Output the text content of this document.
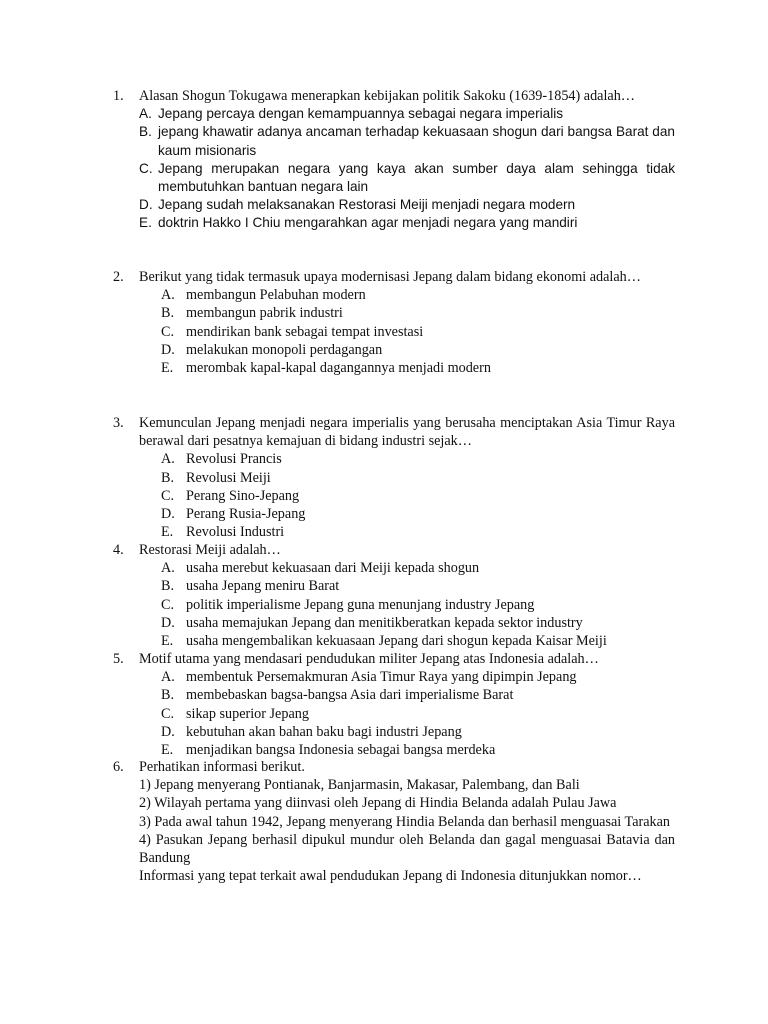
1.	Alasan Shogun Tokugawa menerapkan kebijakan politik Sakoku (1639-1854) adalah…
A. Jepang percaya dengan kemampuannya sebagai negara imperialis
B. jepang khawatir adanya ancaman terhadap kekuasaan shogun dari bangsa Barat dan kaum misionaris
C. Jepang merupakan negara yang kaya akan sumber daya alam sehingga tidak membutuhkan bantuan negara lain
D. Jepang sudah melaksanakan Restorasi Meiji menjadi negara modern
E. doktrin Hakko I Chiu mengarahkan agar menjadi negara yang mandiri
2.	Berikut yang tidak termasuk upaya modernisasi Jepang dalam bidang ekonomi adalah…
A. membangun Pelabuhan modern
B. membangun pabrik industri
C. mendirikan bank sebagai tempat investasi
D. melakukan monopoli perdagangan
E. merombak kapal-kapal dagangannya menjadi modern
3.	Kemunculan Jepang menjadi negara imperialis yang berusaha menciptakan Asia Timur Raya berawal dari pesatnya kemajuan di bidang industri sejak…
A. Revolusi Prancis
B. Revolusi Meiji
C. Perang Sino-Jepang
D. Perang Rusia-Jepang
E. Revolusi Industri
4.	Restorasi Meiji adalah…
A. usaha merebut kekuasaan dari Meiji kepada shogun
B. usaha Jepang meniru Barat
C. politik imperialisme Jepang guna menunjang industry Jepang
D. usaha memajukan Jepang dan menitikberatkan kepada sektor industry
E. usaha mengembalikan kekuasaan Jepang dari shogun kepada Kaisar Meiji
5.	Motif utama yang mendasari pendudukan militer Jepang atas Indonesia adalah…
A. membentuk Persemakmuran Asia Timur Raya yang dipimpin Jepang
B. membebaskan bagsa-bangsa Asia dari imperialisme Barat
C. sikap superior Jepang
D. kebutuhan akan bahan baku bagi industri Jepang
E. menjadikan bangsa Indonesia sebagai bangsa merdeka
6.	Perhatikan informasi berikut.

1) Jepang menyerang Pontianak, Banjarmasin, Makasar, Palembang, dan Bali

2) Wilayah pertama yang diinvasi oleh Jepang di Hindia Belanda adalah Pulau Jawa

3) Pada awal tahun 1942, Jepang menyerang Hindia Belanda dan berhasil menguasai Tarakan

4) Pasukan Jepang berhasil dipukul mundur oleh Belanda dan gagal menguasai Batavia dan Bandung

Informasi yang tepat terkait awal pendudukan Jepang di Indonesia ditunjukkan nomor…
